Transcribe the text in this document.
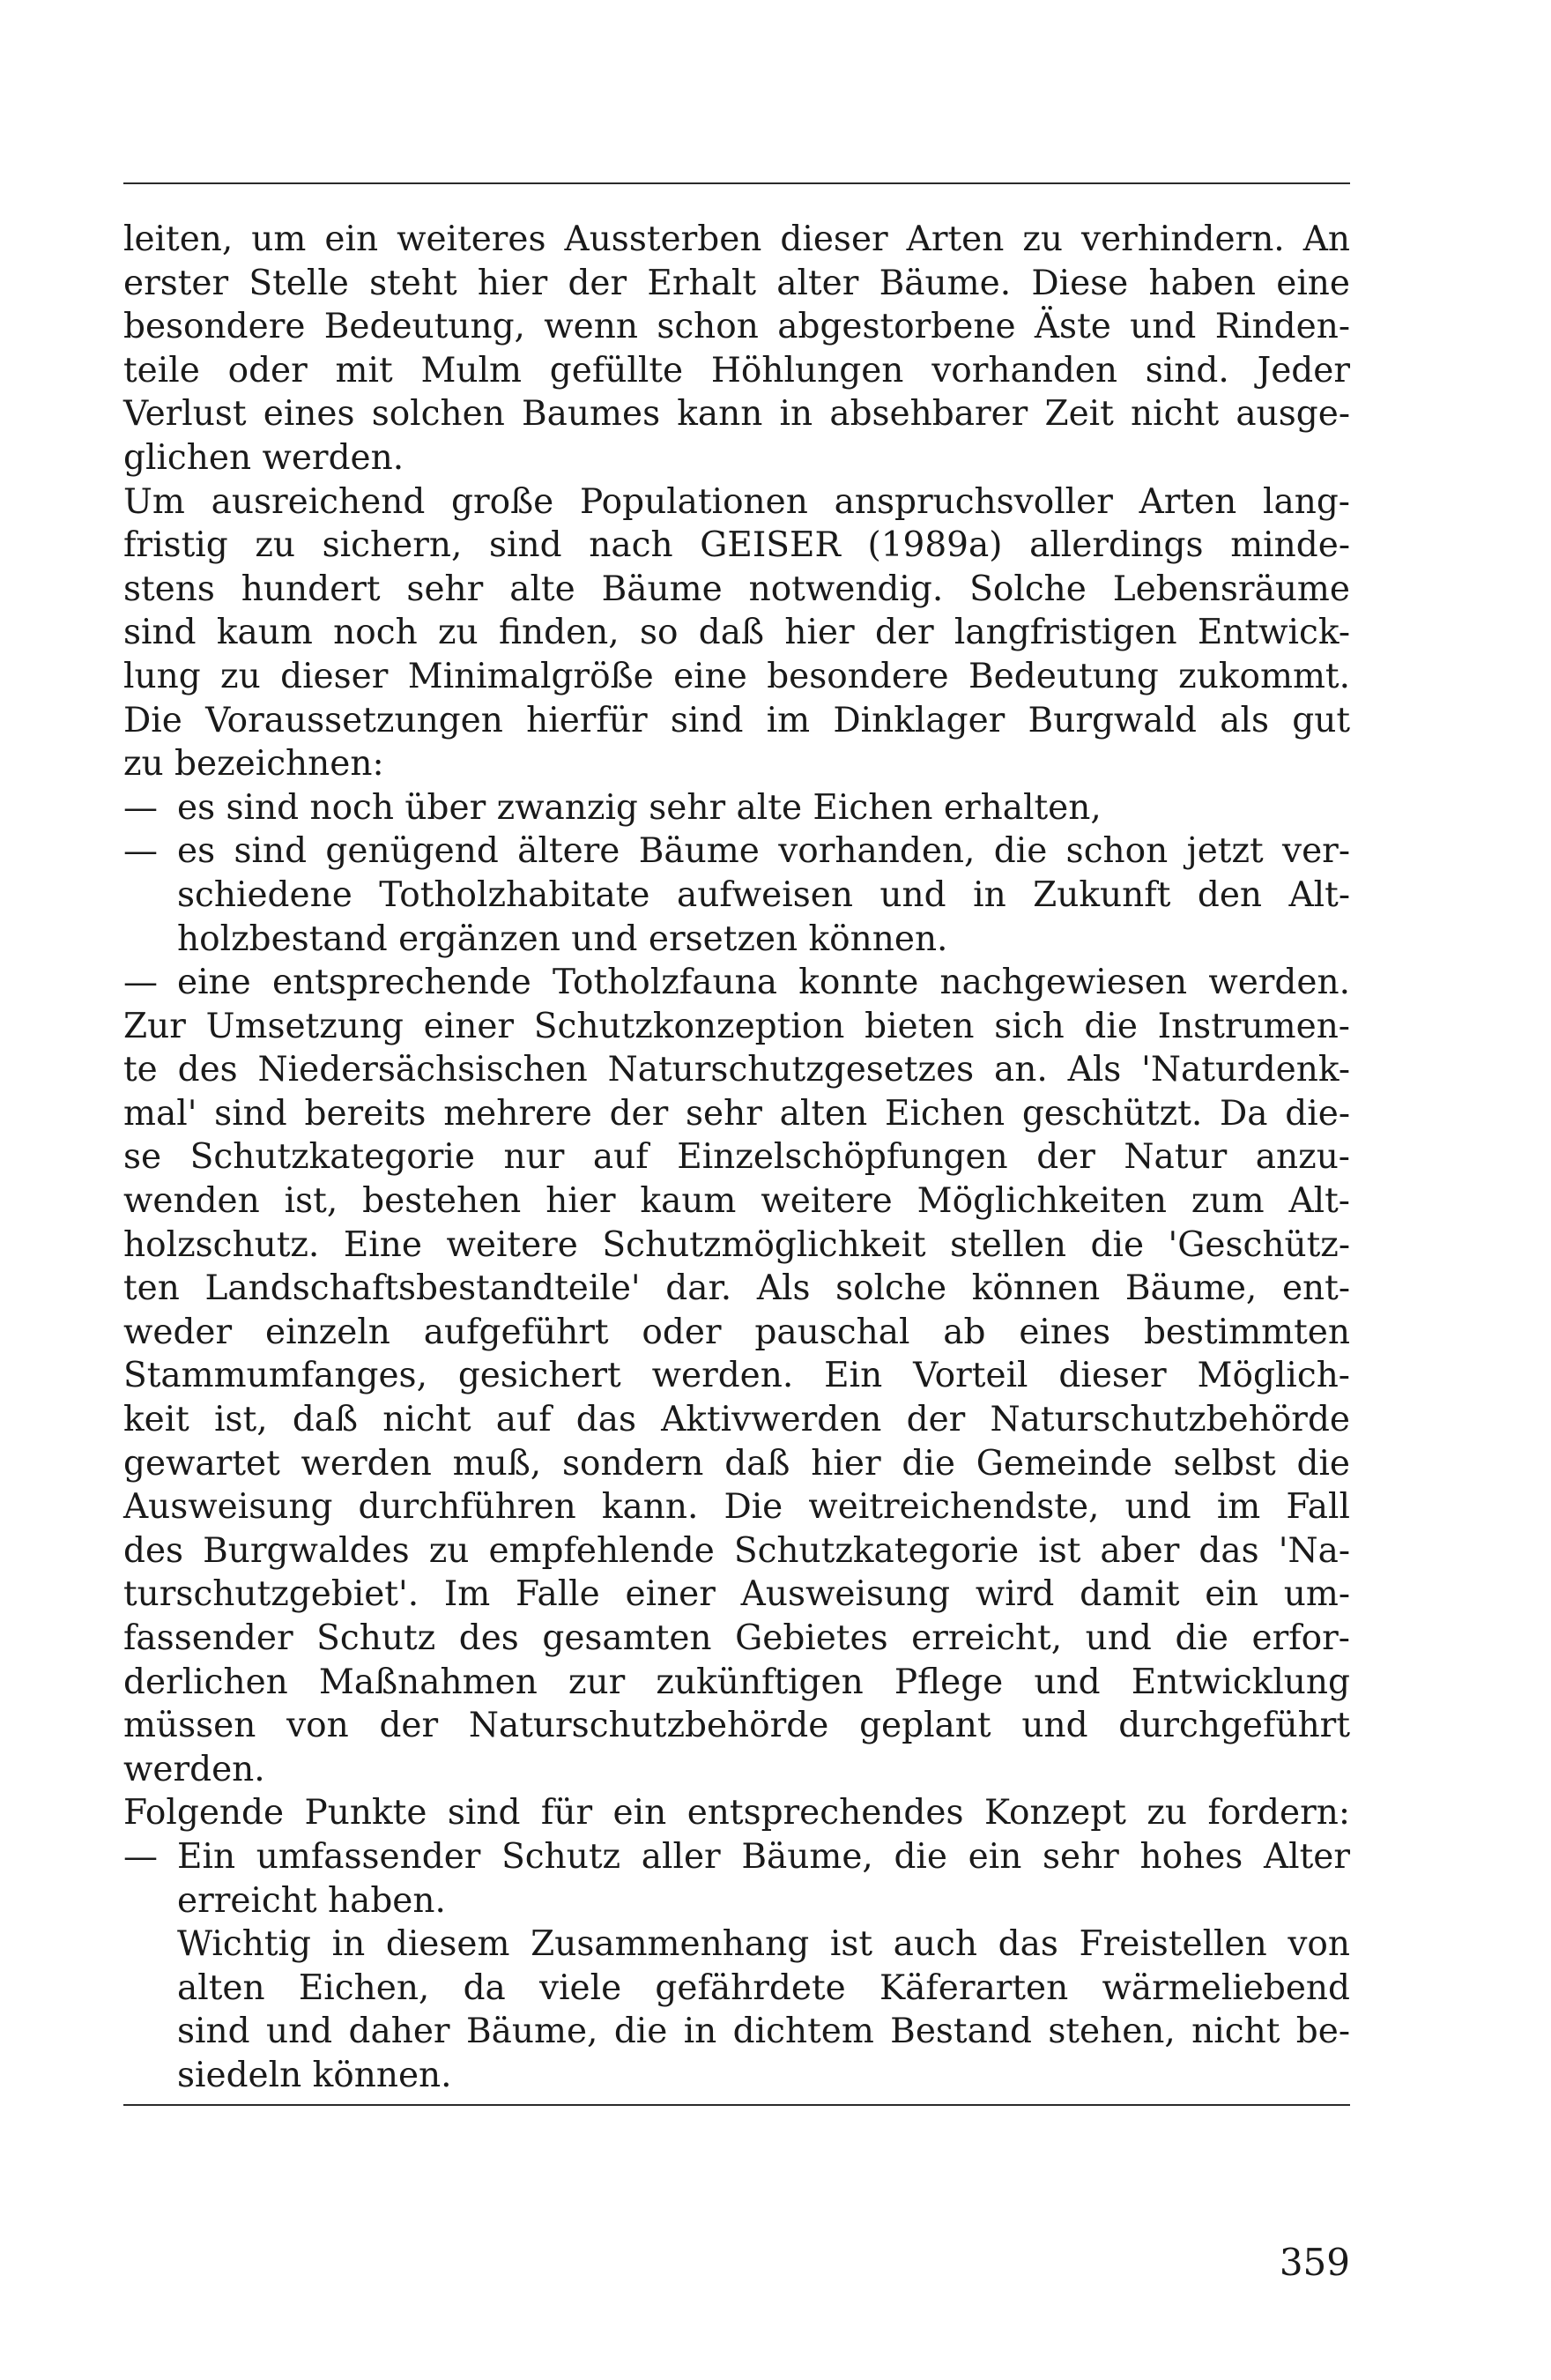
leiten, um ein weiteres Aussterben dieser Arten zu verhindern. An
erster Stelle steht hier der Erhalt alter Bäume. Diese haben eine
besondere Bedeutung, wenn schon abgestorbene Äste und Rinden-
teile oder mit Mulm gefüllte Höhlungen vorhanden sind. Jeder
Verlust eines solchen Baumes kann in absehbarer Zeit nicht ausge-
glichen werden.
Um ausreichend große Populationen anspruchsvoller Arten lang-
fristig zu sichern, sind nach GEISER (1989a) allerdings minde-
stens hundert sehr alte Bäume notwendig. Solche Lebensräume
sind kaum noch zu finden, so daß hier der langfristigen Entwick-
lung zu dieser Minimalgröße eine besondere Bedeutung zukommt.
Die Voraussetzungen hierfür sind im Dinklager Burgwald als gut
zu bezeichnen:
— es sind noch über zwanzig sehr alte Eichen erhalten,
— es sind genügend ältere Bäume vorhanden, die schon jetzt ver-
schiedene Totholzhabitate aufweisen und in Zukunft den Alt-
holzbestand ergänzen und ersetzen können.
— eine entsprechende Totholzfauna konnte nachgewiesen werden.
Zur Umsetzung einer Schutzkonzeption bieten sich die Instrumen-
te des Niedersächsischen Naturschutzgesetzes an. Als 'Naturdenk-
mal' sind bereits mehrere der sehr alten Eichen geschützt. Da die-
se Schutzkategorie nur auf Einzelschöpfungen der Natur anzu-
wenden ist, bestehen hier kaum weitere Möglichkeiten zum Alt-
holzschutz. Eine weitere Schutzmöglichkeit stellen die 'Geschütz-
ten Landschaftsbestandteile' dar. Als solche können Bäume, ent-
weder einzeln aufgeführt oder pauschal ab eines bestimmten
Stammumfanges, gesichert werden. Ein Vorteil dieser Möglich-
keit ist, daß nicht auf das Aktivwerden der Naturschutzbehörde
gewartet werden muß, sondern daß hier die Gemeinde selbst die
Ausweisung durchführen kann. Die weitreichendste, und im Fall
des Burgwaldes zu empfehlende Schutzkategorie ist aber das 'Na-
turschutzgebiet'. Im Falle einer Ausweisung wird damit ein um-
fassender Schutz des gesamten Gebietes erreicht, und die erfor-
derlichen Maßnahmen zur zukünftigen Pflege und Entwicklung
müssen von der Naturschutzbehörde geplant und durchgeführt
werden.
Folgende Punkte sind für ein entsprechendes Konzept zu fordern:
— Ein umfassender Schutz aller Bäume, die ein sehr hohes Alter
erreicht haben.
Wichtig in diesem Zusammenhang ist auch das Freistellen von
alten Eichen, da viele gefährdete Käferarten wärmeliebend
sind und daher Bäume, die in dichtem Bestand stehen, nicht be-
siedeln können.
359
